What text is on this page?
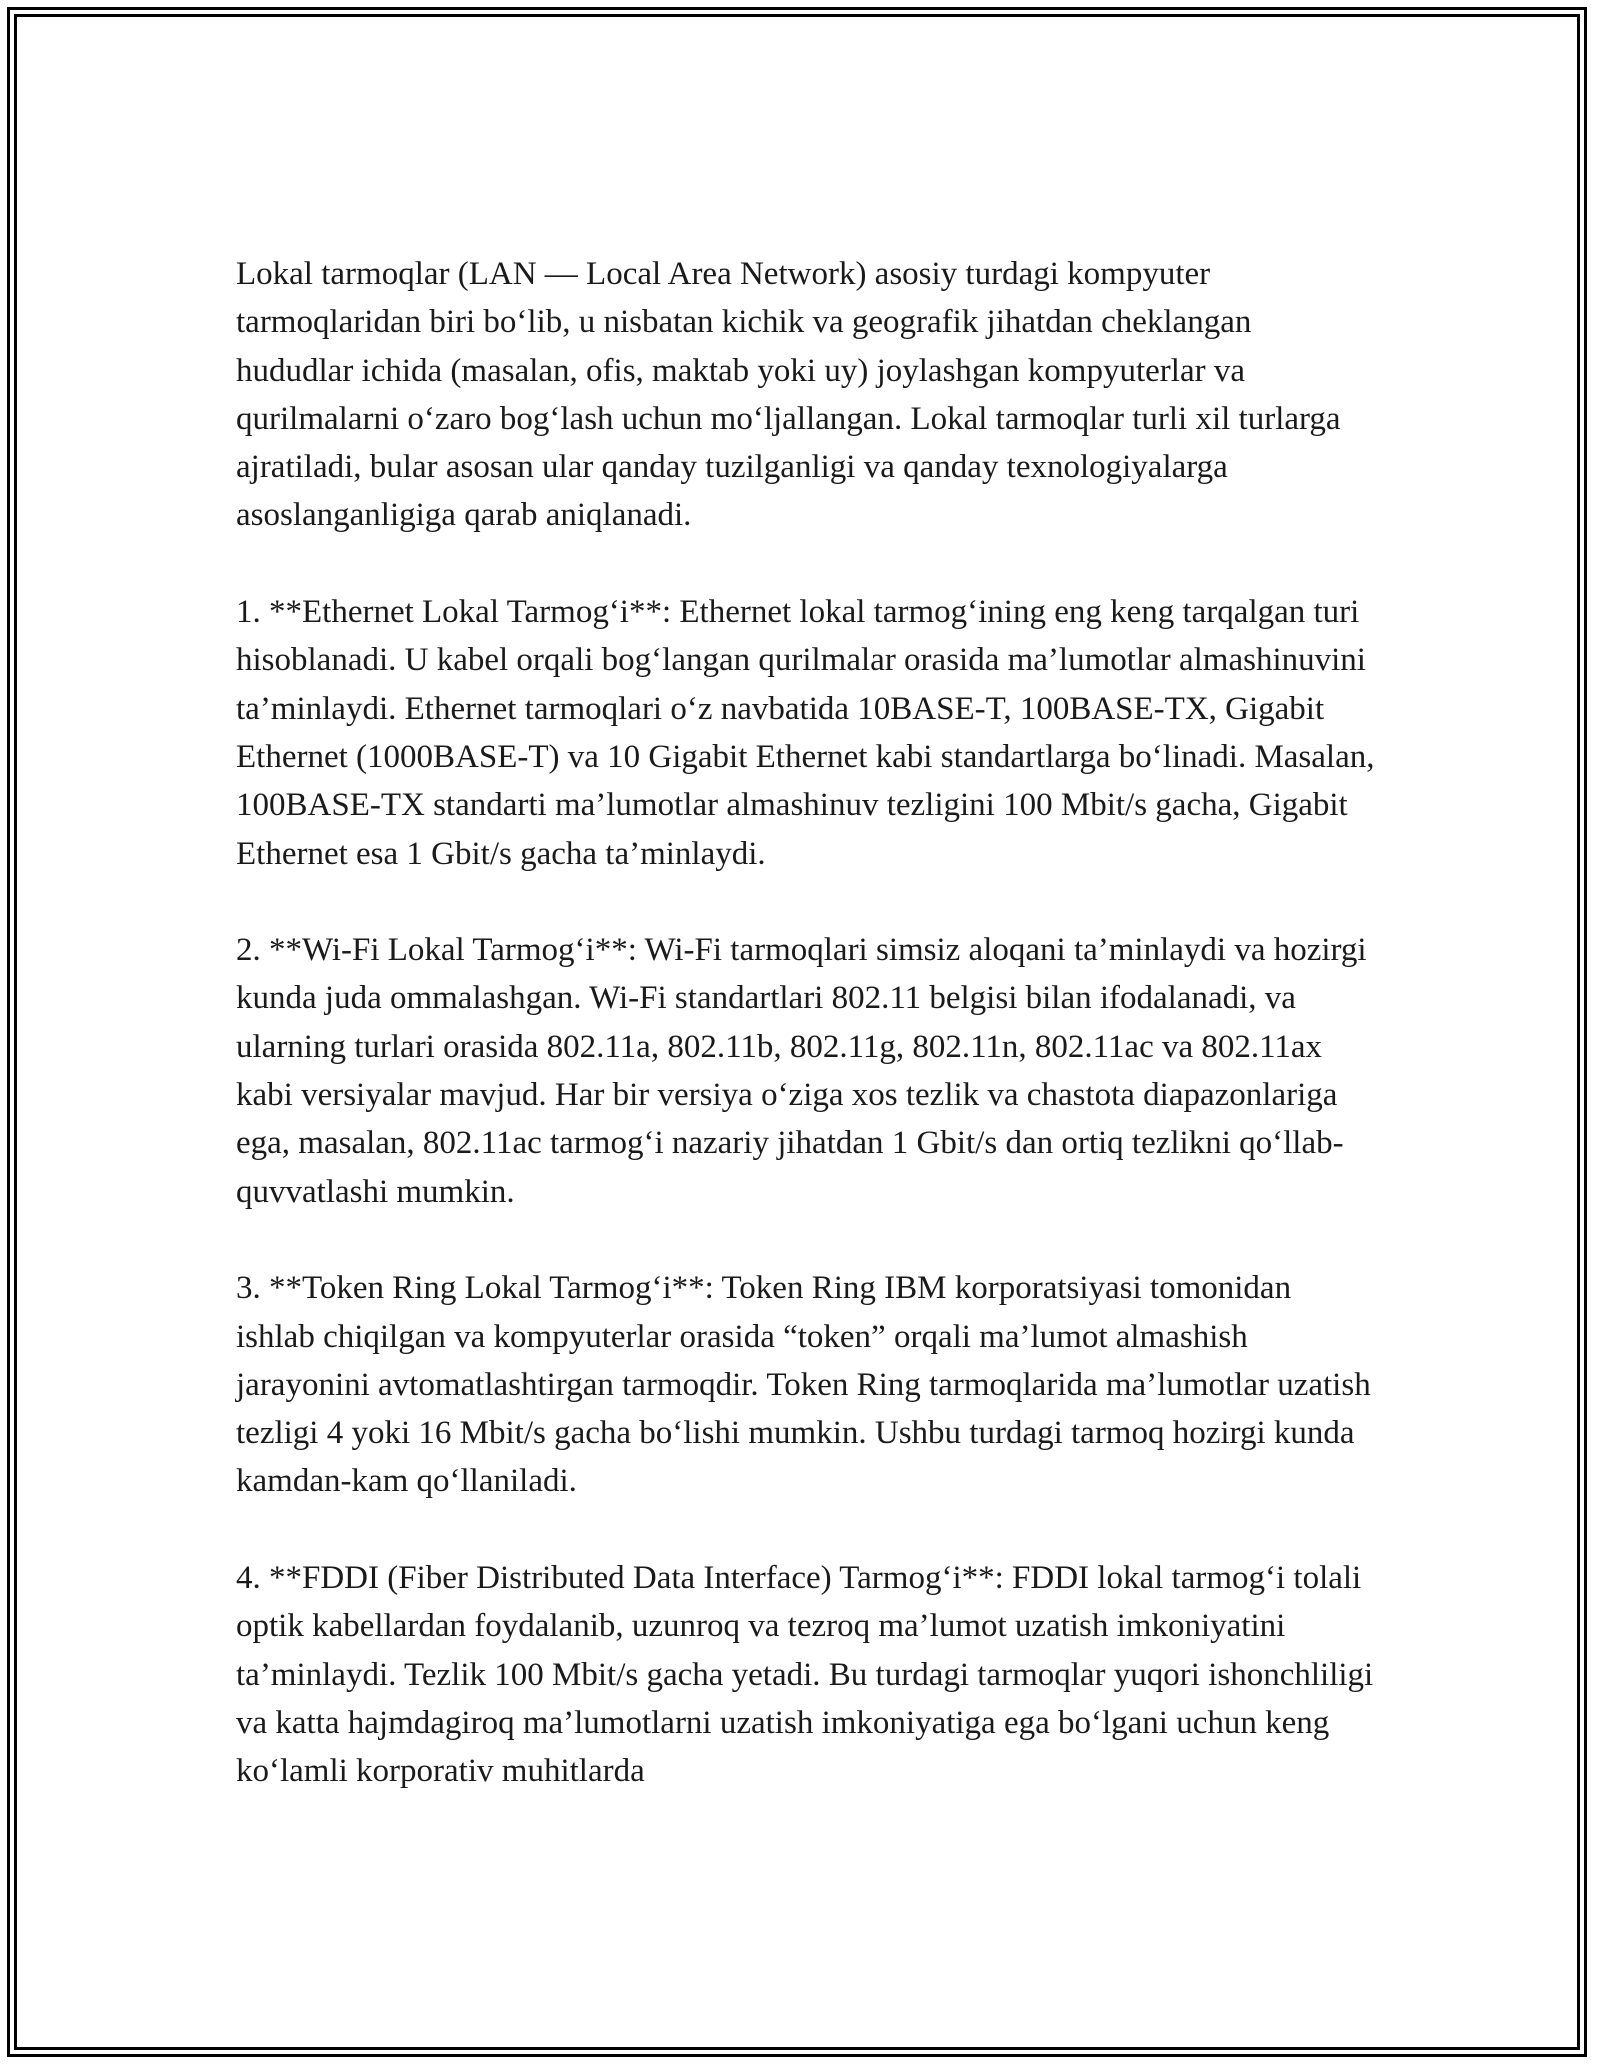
Lokal tarmoqlar (LAN — Local Area Network) asosiy turdagi kompyuter tarmoqlaridan biri bo‘lib, u nisbatan kichik va geografik jihatdan cheklangan hududlar ichida (masalan, ofis, maktab yoki uy) joylashgan kompyuterlar va qurilmalarni o‘zaro bog‘lash uchun mo‘ljallangan. Lokal tarmoqlar turli xil turlarga ajratiladi, bular asosan ular qanday tuzilganligi va qanday texnologiyalarga asoslanganligiga qarab aniqlanadi.

1. **Ethernet Lokal Tarmog‘i**: Ethernet lokal tarmog‘ining eng keng tarqalgan turi hisoblanadi. U kabel orqali bog‘langan qurilmalar orasida ma’lumotlar almashinuvini ta’minlaydi. Ethernet tarmoqlari o‘z navbatida 10BASE-T, 100BASE-TX, Gigabit Ethernet (1000BASE-T) va 10 Gigabit Ethernet kabi standartlarga bo‘linadi. Masalan, 100BASE-TX standarti ma’lumotlar almashinuv tezligini 100 Mbit/s gacha, Gigabit Ethernet esa 1 Gbit/s gacha ta’minlaydi.

2. **Wi-Fi Lokal Tarmog‘i**: Wi-Fi tarmoqlari simsiz aloqani ta’minlaydi va hozirgi kunda juda ommalashgan. Wi-Fi standartlari 802.11 belgisi bilan ifodalanadi, va ularning turlari orasida 802.11a, 802.11b, 802.11g, 802.11n, 802.11ac va 802.11ax kabi versiyalar mavjud. Har bir versiya o‘ziga xos tezlik va chastota diapazonlariga ega, masalan, 802.11ac tarmog‘i nazariy jihatdan 1 Gbit/s dan ortiq tezlikni qo‘llab-quvvatlashi mumkin.

3. **Token Ring Lokal Tarmog‘i**: Token Ring IBM korporatsiyasi tomonidan ishlab chiqilgan va kompyuterlar orasida “token” orqali ma’lumot almashish jarayonini avtomatlashtirgan tarmoqdir. Token Ring tarmoqlarida ma’lumotlar uzatish tezligi 4 yoki 16 Mbit/s gacha bo‘lishi mumkin. Ushbu turdagi tarmoq hozirgi kunda kamdan-kam qo‘llaniladi.

4. **FDDI (Fiber Distributed Data Interface) Tarmog‘i**: FDDI lokal tarmog‘i tolali optik kabellardan foydalanib, uzunroq va tezroq ma’lumot uzatish imkoniyatini ta’minlaydi. Tezlik 100 Mbit/s gacha yetadi. Bu turdagi tarmoqlar yuqori ishonchliligi va katta hajmdagiroq ma’lumotlarni uzatish imkoniyatiga ega bo‘lgani uchun keng ko‘lamli korporativ muhitlarda
